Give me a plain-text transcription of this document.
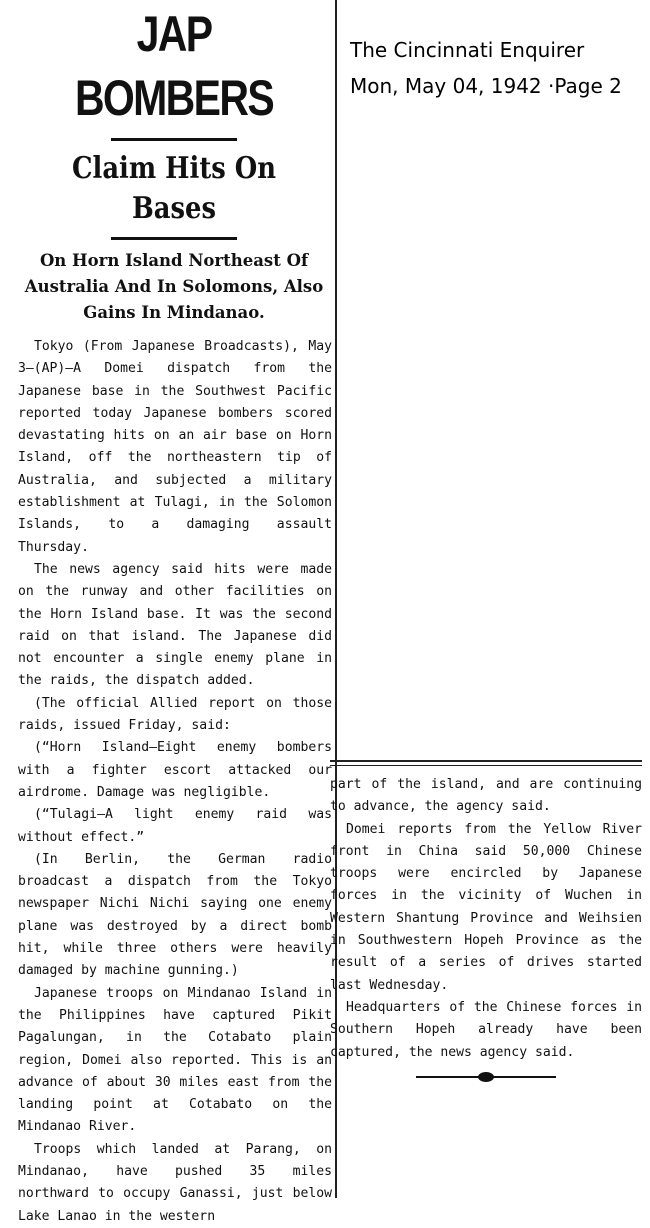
JAP BOMBERS
Claim Hits On Bases
On Horn Island Northeast Of Australia And In Solomons, Also Gains In Mindanao.

Tokyo (From Japanese Broadcasts), May 3—(AP)—A Domei dispatch from the Japanese base in the Southwest Pacific reported today Japanese bombers scored devastating hits on an air base on Horn Island, off the northeastern tip of Australia, and subjected a military establishment at Tulagi, in the Solomon Islands, to a damaging assault Thursday.

The news agency said hits were made on the runway and other facilities on the Horn Island base. It was the second raid on that island. The Japanese did not encounter a single enemy plane in the raids, the dispatch added.

(The official Allied report on those raids, issued Friday, said:

(“Horn Island—Eight enemy bombers with a fighter escort attacked our airdrome. Damage was negligible.

(“Tulagi—A light enemy raid was without effect.”

(In Berlin, the German radio broadcast a dispatch from the Tokyo newspaper Nichi Nichi saying one enemy plane was destroyed by a direct bomb hit, while three others were heavily damaged by machine gunning.)

Japanese troops on Mindanao Island in the Philippines have captured Pikit Pagalungan, in the Cotabato plain region, Domei also reported. This is an advance of about 30 miles east from the landing point at Cotabato on the Mindanao River.

Troops which landed at Parang, on Mindanao, have pushed 35 miles northward to occupy Ganassi, just below Lake Lanao in the western

The Cincinnati Enquirer
Mon, May 04, 1942 ·Page 2

part of the island, and are continuing to advance, the agency said.

Domei reports from the Yellow River front in China said 50,000 Chinese troops were encircled by Japanese forces in the vicinity of Wuchen in Western Shantung Province and Weihsien in Southwestern Hopeh Province as the result of a series of drives started last Wednesday.

Headquarters of the Chinese forces in Southern Hopeh already have been captured, the news agency said.
